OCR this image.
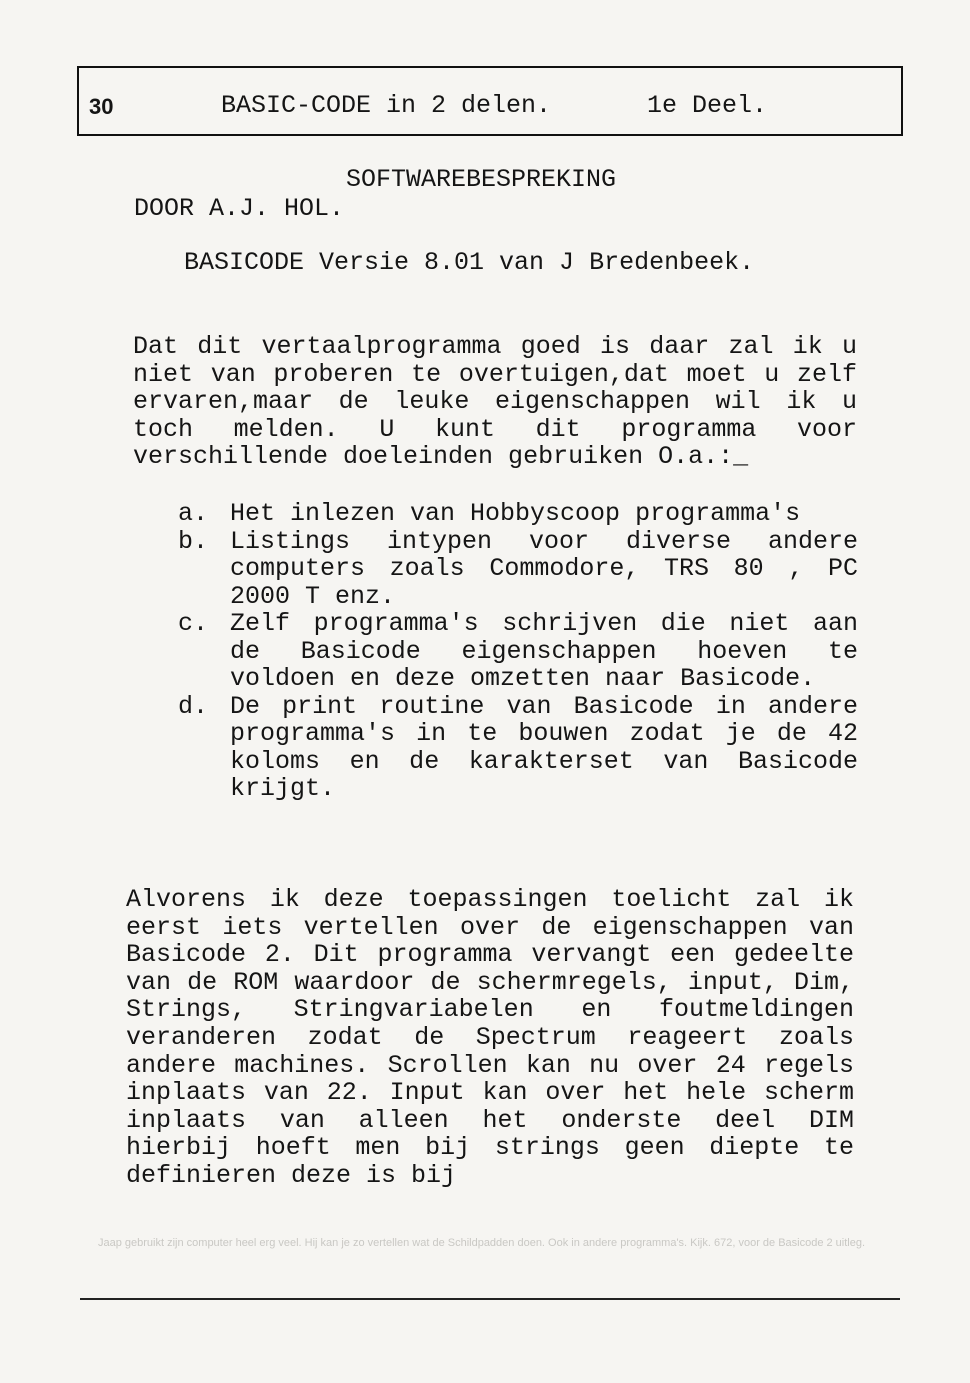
30	BASIC-CODE in 2 delen.	1e Deel.
SOFTWAREBESPREKING
DOOR A.J. HOL.
BASICODE Versie 8.01 van J Bredenbeek.

Dat dit vertaalprogramma goed is daar zal ik u niet van proberen te overtuigen,dat moet u zelf ervaren,maar de leuke eigenschappen wil ik u toch melden. U kunt dit programma voor verschillende doeleinden gebruiken O.a.:_

a. Het inlezen van Hobbyscoop programma's
b. Listings intypen voor diverse andere computers zoals Commodore, TRS 80 , PC 2000 T enz.
c. Zelf programma's schrijven die niet aan de Basicode eigenschappen hoeven te voldoen en deze omzetten naar Basicode.
d. De print routine van Basicode in andere programma's in te bouwen zodat je de 42 koloms en de karakterset van Basicode krijgt.
Alvorens ik deze toepassingen toelicht zal ik eerst iets vertellen over de eigenschappen van Basicode 2. Dit programma vervangt een gedeelte van de ROM waardoor de schermregels, input, Dim, Strings, Stringvariabelen en foutmeldingen veranderen zodat de Spectrum reageert zoals andere machines. Scrollen kan nu over 24 regels inplaats van 22. Input kan over het hele scherm inplaats van alleen het onderste deel DIM hierbij hoeft men bij strings geen diepte te definieren deze is bij
Jaap gebruikt zijn computer heel erg veel. Hij kan je zo vertellen wat de Schildpadden doen. Ook in andere programma's. Kijk. 672, voor de Basicode 2 uitleg.
